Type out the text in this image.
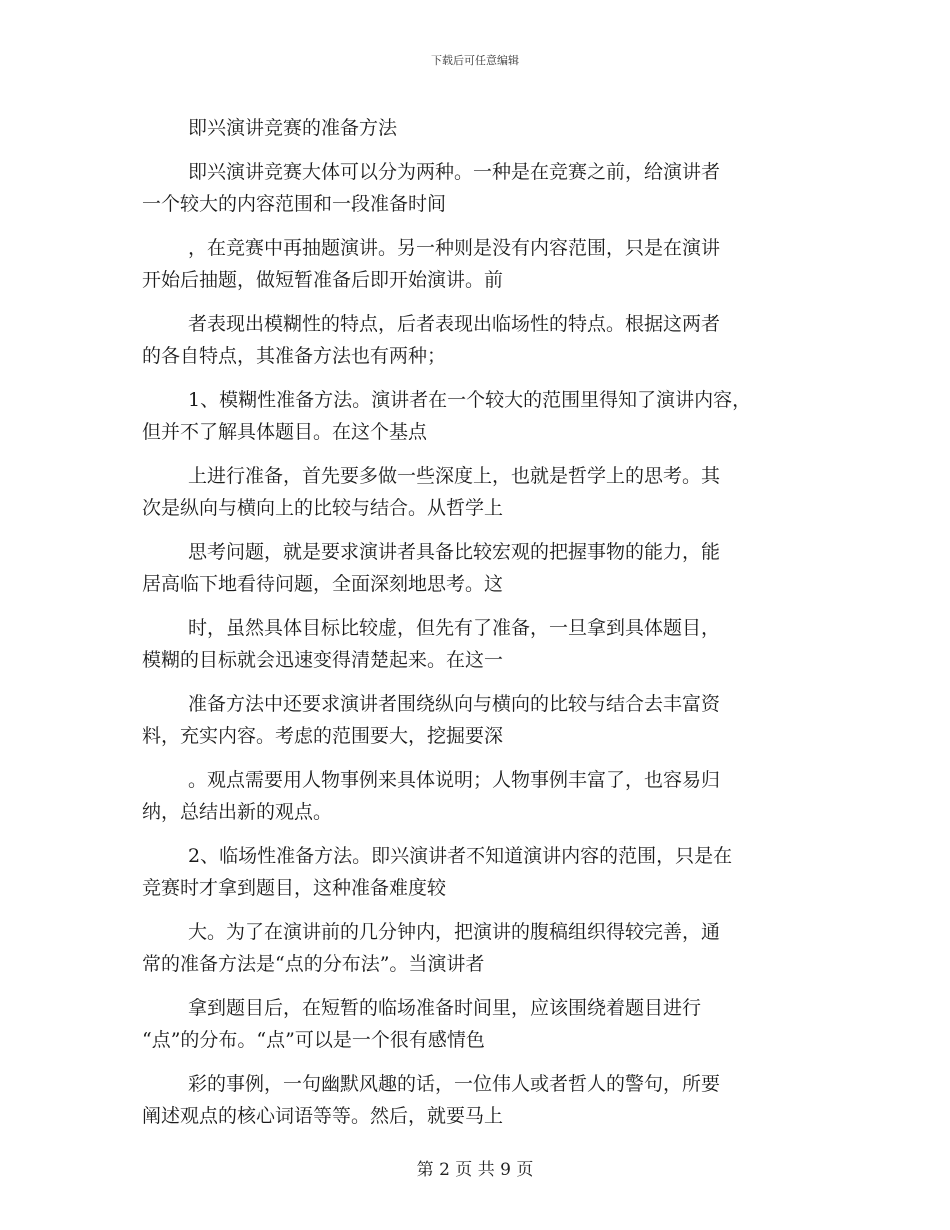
下载后可任意编辑
即兴演讲竞赛的准备方法
即兴演讲竞赛大体可以分为两种。一种是在竞赛之前，给演讲者
一个较大的内容范围和一段准备时间
，在竞赛中再抽题演讲。另一种则是没有内容范围，只是在演讲
开始后抽题，做短暂准备后即开始演讲。前
者表现出模糊性的特点，后者表现出临场性的特点。根据这两者
的各自特点，其准备方法也有两种；
1、模糊性准备方法。演讲者在一个较大的范围里得知了演讲内容，
但并不了解具体题目。在这个基点
上进行准备，首先要多做一些深度上，也就是哲学上的思考。其
次是纵向与横向上的比较与结合。从哲学上
思考问题，就是要求演讲者具备比较宏观的把握事物的能力，能
居高临下地看待问题，全面深刻地思考。这
时，虽然具体目标比较虚，但先有了准备，一旦拿到具体题目，
模糊的目标就会迅速变得清楚起来。在这一
准备方法中还要求演讲者围绕纵向与横向的比较与结合去丰富资
料，充实内容。考虑的范围要大，挖掘要深
。观点需要用人物事例来具体说明；人物事例丰富了，也容易归
纳，总结出新的观点。
2、临场性准备方法。即兴演讲者不知道演讲内容的范围，只是在
竞赛时才拿到题目，这种准备难度较
大。为了在演讲前的几分钟内，把演讲的腹稿组织得较完善，通
常的准备方法是“点的分布法”。当演讲者
拿到题目后，在短暂的临场准备时间里，应该围绕着题目进行
“点”的分布。“点”可以是一个很有感情色
彩的事例，一句幽默风趣的话，一位伟人或者哲人的警句，所要
阐述观点的核心词语等等。然后，就要马上
第 2 页 共 9 页
